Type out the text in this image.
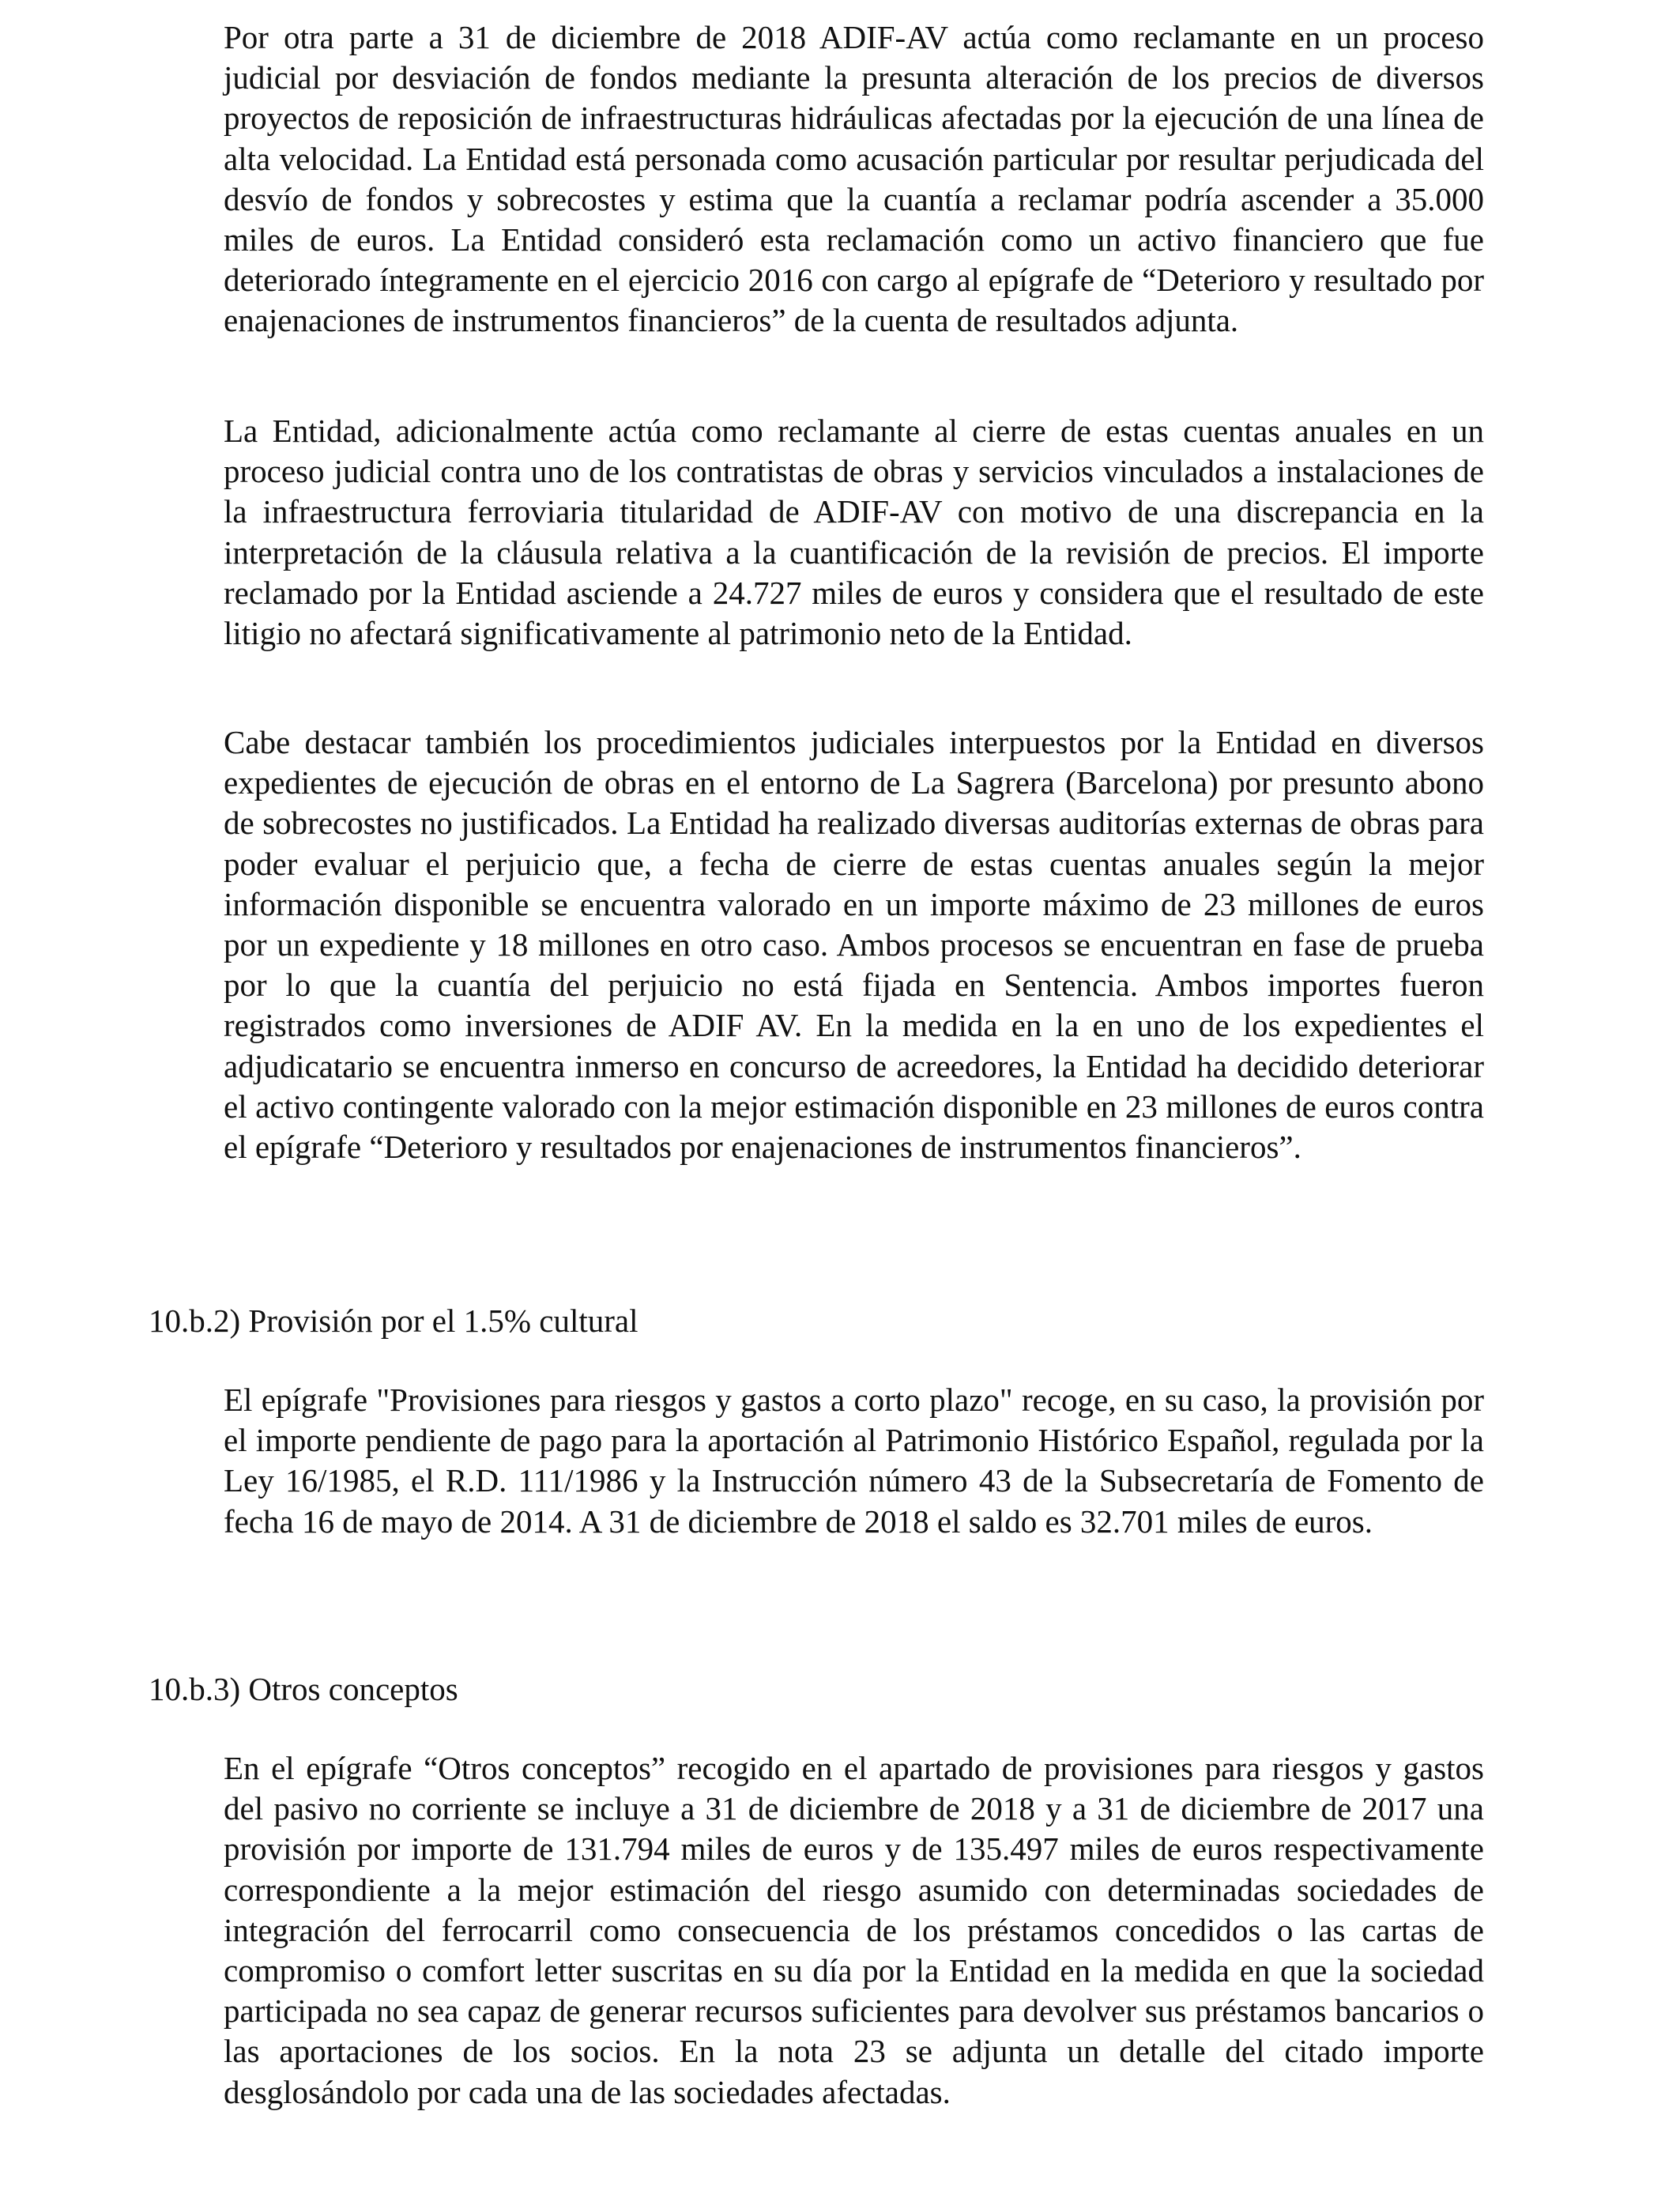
Por otra parte a 31 de diciembre de 2018 ADIF-AV actúa como reclamante en un proceso judicial por desviación de fondos mediante la presunta alteración de los precios de diversos proyectos de reposición de infraestructuras hidráulicas afectadas por la ejecución de una línea de alta velocidad. La Entidad está personada como acusación particular por resultar perjudicada del desvío de fondos y sobrecostes y estima que la cuantía a reclamar podría ascender a 35.000 miles de euros. La Entidad consideró esta reclamación como un activo financiero que fue deteriorado íntegramente en el ejercicio 2016 con cargo al epígrafe de “Deterioro y resultado por enajenaciones de instrumentos financieros” de la cuenta de resultados adjunta.

La Entidad, adicionalmente actúa como reclamante al cierre de estas cuentas anuales en un proceso judicial contra uno de los contratistas de obras y servicios vinculados a instalaciones de la infraestructura ferroviaria titularidad de ADIF-AV con motivo de una discrepancia en la interpretación de la cláusula relativa a la cuantificación de la revisión de precios. El importe reclamado por la Entidad asciende a 24.727 miles de euros y considera que el resultado de este litigio no afectará significativamente al patrimonio neto de la Entidad.

Cabe destacar también los procedimientos judiciales interpuestos por la Entidad en diversos expedientes de ejecución de obras en el entorno de La Sagrera (Barcelona) por presunto abono de sobrecostes no justificados. La Entidad ha realizado diversas auditorías externas de obras para poder evaluar el perjuicio que, a fecha de cierre de estas cuentas anuales según la mejor información disponible se encuentra valorado en un importe máximo de 23 millones de euros por un expediente y 18 millones en otro caso. Ambos procesos se encuentran en fase de prueba por lo que la cuantía del perjuicio no está fijada en Sentencia. Ambos importes fueron registrados como inversiones de ADIF AV. En la medida en la en uno de los expedientes el adjudicatario se encuentra inmerso en concurso de acreedores, la Entidad ha decidido deteriorar el activo contingente valorado con la mejor estimación disponible en 23 millones de euros contra el epígrafe “Deterioro y resultados por enajenaciones de instrumentos financieros”.

10.b.2) Provisión por el 1.5% cultural

El epígrafe "Provisiones para riesgos y gastos a corto plazo" recoge, en su caso, la provisión por el importe pendiente de pago para la aportación al Patrimonio Histórico Español, regulada por la Ley 16/1985, el R.D. 111/1986 y la Instrucción número 43 de la Subsecretaría de Fomento de fecha 16 de mayo de 2014. A 31 de diciembre de 2018 el saldo es 32.701 miles de euros.

10.b.3) Otros conceptos

En el epígrafe “Otros conceptos” recogido en el apartado de provisiones para riesgos y gastos del pasivo no corriente se incluye a 31 de diciembre de 2018 y a 31 de diciembre de 2017 una provisión por importe de 131.794 miles de euros y de 135.497 miles de euros respectivamente correspondiente a la mejor estimación del riesgo asumido con determinadas sociedades de integración del ferrocarril como consecuencia de los préstamos concedidos o las cartas de compromiso o comfort letter suscritas en su día por la Entidad en la medida en que la sociedad participada no sea capaz de generar recursos suficientes para devolver sus préstamos bancarios o las aportaciones de los socios. En la nota 23 se adjunta un detalle del citado importe desglosándolo por cada una de las sociedades afectadas.
